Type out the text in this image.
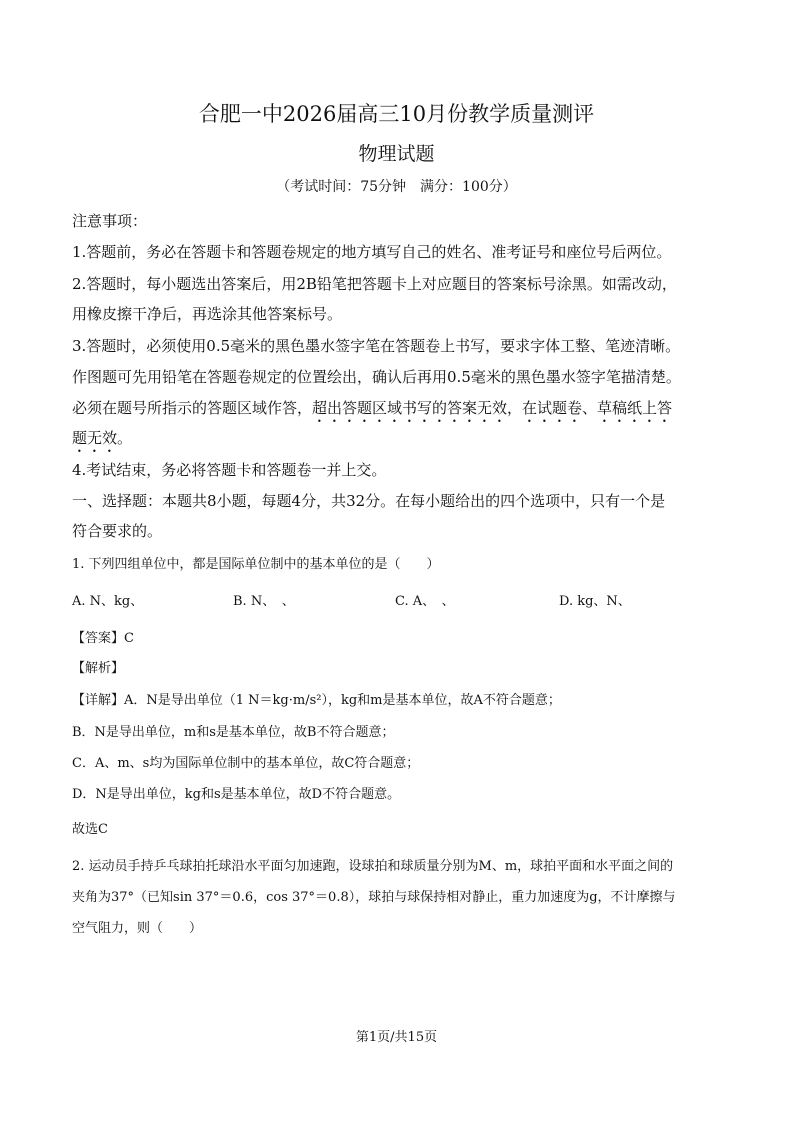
合肥一中2026届高三10月份教学质量测评
物理试题
（考试时间：75分钟　满分：100分）
注意事项：
1.答题前，务必在答题卡和答题卷规定的地方填写自己的姓名、准考证号和座位号后两位。
2.答题时，每小题选出答案后，用2B铅笔把答题卡上对应题目的答案标号涂黑。如需改动，
用橡皮擦干净后，再选涂其他答案标号。
3.答题时，必须使用0.5毫米的黑色墨水签字笔在答题卷上书写，要求字体工整、笔迹清晰。
作图题可先用铅笔在答题卷规定的位置绘出，确认后再用0.5毫米的黑色墨水签字笔描清楚。
必须在题号所指示的答题区域作答，超出答题区域书写的答案无效，在试题卷、草稿纸上答
题无效。
4.考试结束，务必将答题卡和答题卷一并上交。
一、选择题：本题共8小题，每题4分，共32分。在每小题给出的四个选项中，只有一个是
符合要求的。
1. 下列四组单位中，都是国际单位制中的基本单位的是（　　）
A. N、kg、	B. N、　、	C. A、　、	D. kg、N、
【答案】C
【解析】
【详解】A．N是导出单位（1 N＝kg·m/s²），kg和m是基本单位，故A不符合题意；
B．N是导出单位，m和s是基本单位，故B不符合题意；
C．A、m、s均为国际单位制中的基本单位，故C符合题意；
D．N是导出单位，kg和s是基本单位，故D不符合题意。
故选C
2. 运动员手持乒乓球拍托球沿水平面匀加速跑，设球拍和球质量分别为M、m，球拍平面和水平面之间的
夹角为37°（已知sin 37°＝0.6，cos 37°＝0.8），球拍与球保持相对静止，重力加速度为g，不计摩擦与
空气阻力，则（　　）
第1页/共15页
